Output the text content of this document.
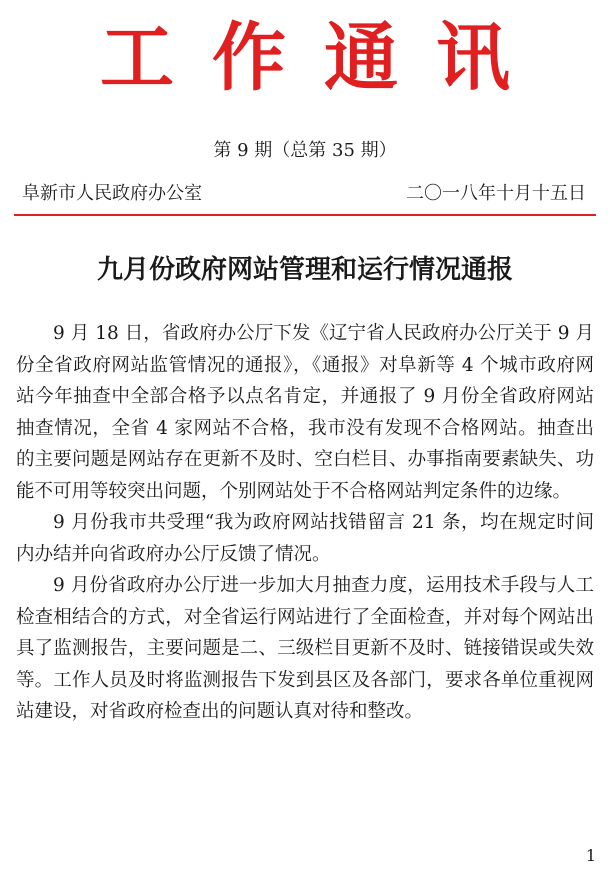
工作通讯
第 9 期（总第 35 期）
阜新市人民政府办公室	二〇一八年十月十五日
九月份政府网站管理和运行情况通报

9 月 18 日，省政府办公厅下发《辽宁省人民政府办公厅关于 9 月份全省政府网站监管情况的通报》，《通报》对阜新等 4 个城市政府网站今年抽查中全部合格予以点名肯定，并通报了 9 月份全省政府网站抽查情况，全省 4 家网站不合格，我市没有发现不合格网站。抽查出的主要问题是网站存在更新不及时、空白栏目、办事指南要素缺失、功能不可用等较突出问题，个别网站处于不合格网站判定条件的边缘。

9 月份我市共受理“我为政府网站找错留言 21 条，均在规定时间内办结并向省政府办公厅反馈了情况。

9 月份省政府办公厅进一步加大月抽查力度，运用技术手段与人工检查相结合的方式，对全省运行网站进行了全面检查，并对每个网站出具了监测报告，主要问题是二、三级栏目更新不及时、链接错误或失效等。工作人员及时将监测报告下发到县区及各部门，要求各单位重视网站建设，对省政府检查出的问题认真对待和整改。

1
